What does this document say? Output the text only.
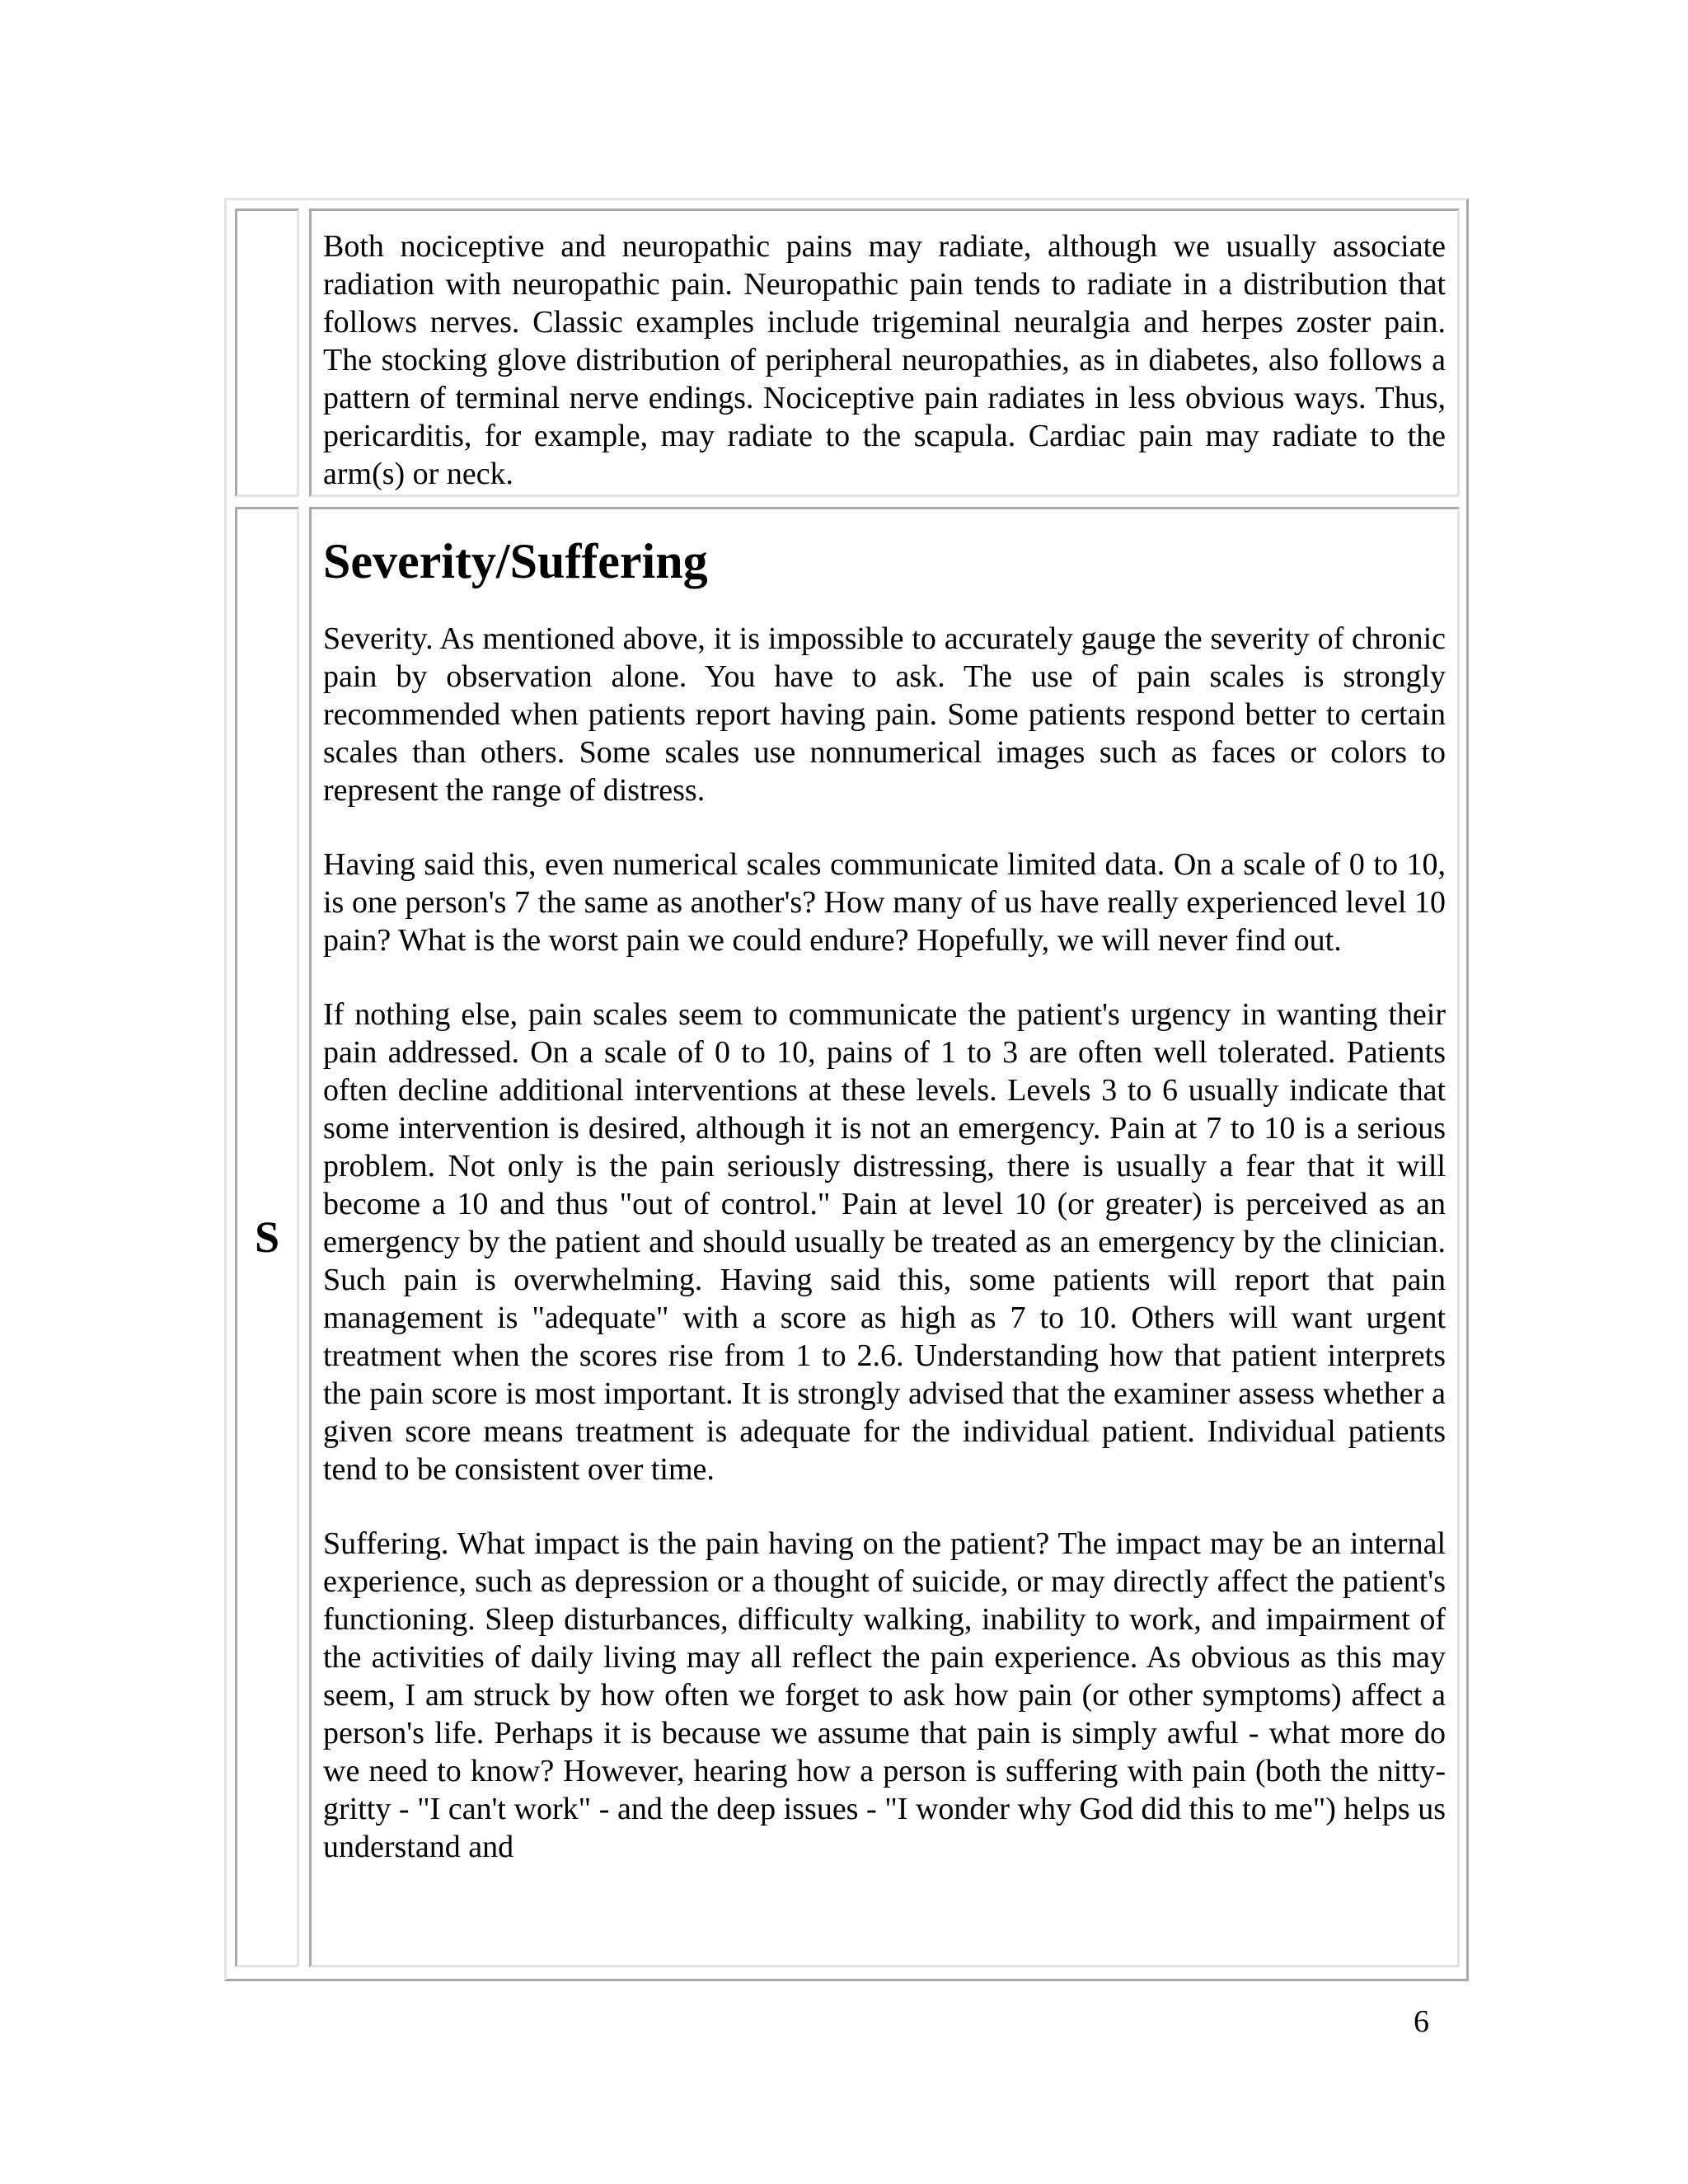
Both nociceptive and neuropathic pains may radiate, although we usually associate radiation with neuropathic pain. Neuropathic pain tends to radiate in a distribution that follows nerves. Classic examples include trigeminal neuralgia and herpes zoster pain. The stocking glove distribution of peripheral neuropathies, as in diabetes, also follows a pattern of terminal nerve endings. Nociceptive pain radiates in less obvious ways. Thus, pericarditis, for example, may radiate to the scapula. Cardiac pain may radiate to the arm(s) or neck.

S
Severity/Suffering

Severity. As mentioned above, it is impossible to accurately gauge the severity of chronic pain by observation alone. You have to ask. The use of pain scales is strongly recommended when patients report having pain. Some patients respond better to certain scales than others. Some scales use nonnumerical images such as faces or colors to represent the range of distress.

Having said this, even numerical scales communicate limited data. On a scale of 0 to 10, is one person's 7 the same as another's? How many of us have really experienced level 10 pain? What is the worst pain we could endure? Hopefully, we will never find out.

If nothing else, pain scales seem to communicate the patient's urgency in wanting their pain addressed. On a scale of 0 to 10, pains of 1 to 3 are often well tolerated. Patients often decline additional interventions at these levels. Levels 3 to 6 usually indicate that some intervention is desired, although it is not an emergency. Pain at 7 to 10 is a serious problem. Not only is the pain seriously distressing, there is usually a fear that it will become a 10 and thus "out of control." Pain at level 10 (or greater) is perceived as an emergency by the patient and should usually be treated as an emergency by the clinician. Such pain is overwhelming. Having said this, some patients will report that pain management is "adequate" with a score as high as 7 to 10. Others will want urgent treatment when the scores rise from 1 to 2.6. Understanding how that patient interprets the pain score is most important. It is strongly advised that the examiner assess whether a given score means treatment is adequate for the individual patient. Individual patients tend to be consistent over time.

Suffering. What impact is the pain having on the patient? The impact may be an internal experience, such as depression or a thought of suicide, or may directly affect the patient's functioning. Sleep disturbances, difficulty walking, inability to work, and impairment of the activities of daily living may all reflect the pain experience. As obvious as this may seem, I am struck by how often we forget to ask how pain (or other symptoms) affect a person's life. Perhaps it is because we assume that pain is simply awful - what more do we need to know? However, hearing how a person is suffering with pain (both the nitty-gritty - "I can't work" - and the deep issues - "I wonder why God did this to me") helps us understand and

6
